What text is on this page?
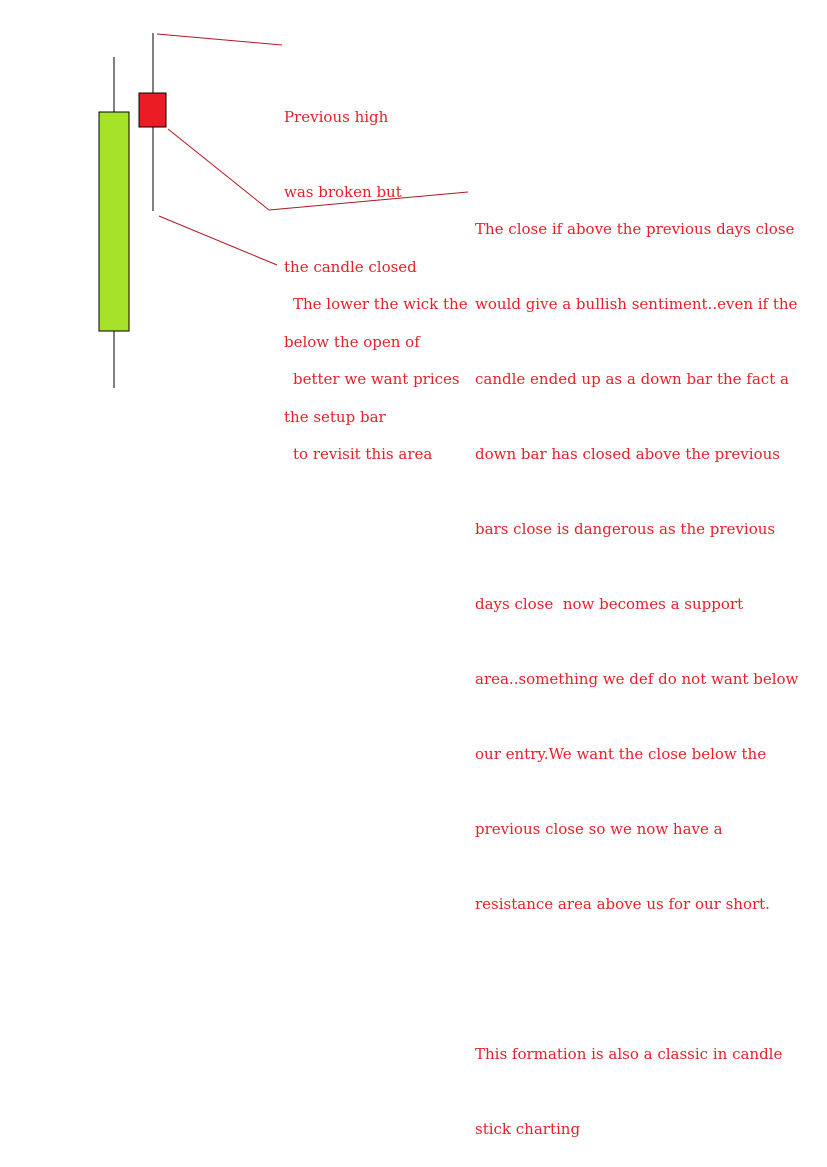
Previous high

was broken but

the candle closed

below the open of

the setup bar

The lower the wick the

better we want prices

to revisit this area

The close if above the previous days close

would give a bullish sentiment..even if the

candle ended up as a down bar the fact a

down bar has closed above the previous

bars close is dangerous as the previous

days close  now becomes a support

area..something we def do not want below

our entry.We want the close below the

previous close so we now have a

resistance area above us for our short.

This formation is also a classic in candle

stick charting
